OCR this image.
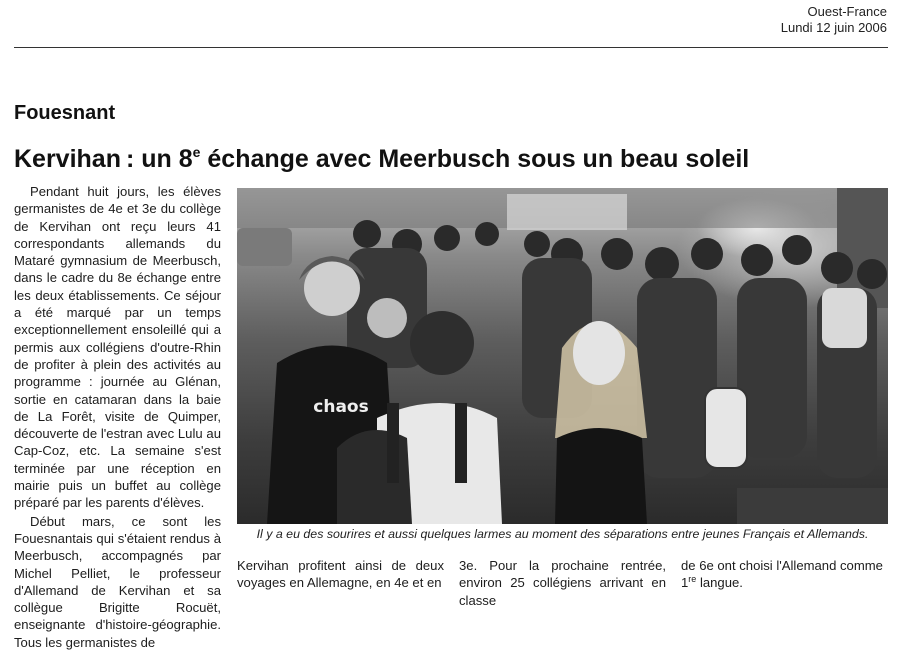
Ouest-France
Lundi 12 juin 2006
Fouesnant
Kervihan : un 8e échange avec Meerbusch sous un beau soleil

Pendant huit jours, les élèves germanistes de 4e et 3e du collège de Kervihan ont reçu leurs 41 correspondants allemands du Mataré gymnasium de Meerbusch, dans le cadre du 8e échange entre les deux établissements. Ce séjour a été marqué par un temps exceptionnellement ensoleillé qui a permis aux collégiens d'outre-Rhin de profiter à plein des activités au programme : journée au Glénan, sortie en catamaran dans la baie de La Forêt, visite de Quimper, découverte de l'estran avec Lulu au Cap-Coz, etc. La semaine s'est terminée par une réception en mairie puis un buffet au collège préparé par les parents d'élèves.

Début mars, ce sont les Fouesnantais qui s'étaient rendus à Meerbusch, accompagnés par Michel Pelliet, le professeur d'Allemand de Kervihan et sa collègue Brigitte Rocuët, enseignante d'histoire-géographie. Tous les germanistes de

chaos
Il y a eu des sourires et aussi quelques larmes au moment des séparations entre jeunes Français et Allemands.
Kervihan profitent ainsi de deux voyages en Allemagne, en 4e et en
3e. Pour la prochaine rentrée, environ 25 collégiens arrivant en classe
de 6e ont choisi l'Allemand comme
1re langue.
